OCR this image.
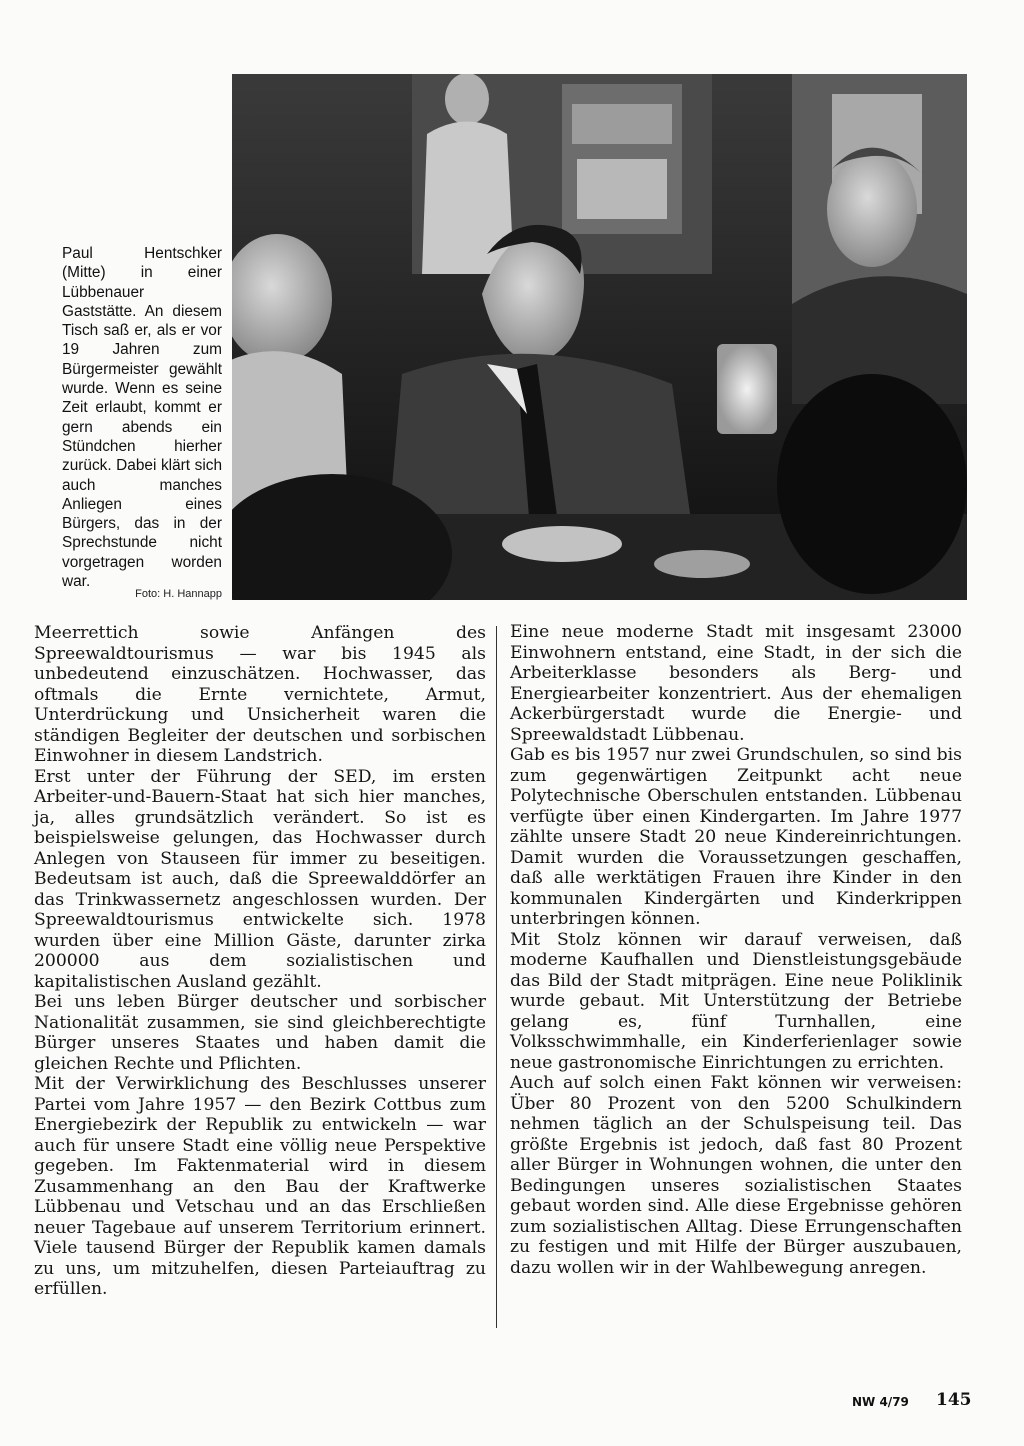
Paul Hentschker (Mitte) in einer Lübbenauer Gaststätte. An diesem Tisch saß er, als er vor 19 Jahren zum Bürgermeister gewählt wurde. Wenn es seine Zeit erlaubt, kommt er gern abends ein Stündchen hierher zurück. Dabei klärt sich auch manches Anliegen eines Bürgers, das in der Sprechstunde nicht vorgetragen worden war.

Foto: H. Hannapp

Meerrettich sowie Anfängen des Spreewaldtourismus — war bis 1945 als unbedeutend einzuschätzen. Hochwasser, das oftmals die Ernte vernichtete, Armut, Unterdrückung und Unsicherheit waren die ständigen Begleiter der deutschen und sorbischen Einwohner in diesem Landstrich.

Erst unter der Führung der SED, im ersten Arbeiter-und-Bauern-Staat hat sich hier manches, ja, alles grundsätzlich verändert. So ist es beispielsweise gelungen, das Hochwasser durch Anlegen von Stauseen für immer zu beseitigen. Bedeutsam ist auch, daß die Spreewalddörfer an das Trinkwassernetz angeschlossen wurden. Der Spreewaldtourismus entwickelte sich. 1978 wurden über eine Million Gäste, darunter zirka 200000 aus dem sozialistischen und kapitalistischen Ausland gezählt.

Bei uns leben Bürger deutscher und sorbischer Nationalität zusammen, sie sind gleichberechtigte Bürger unseres Staates und haben damit die gleichen Rechte und Pflichten.

Mit der Verwirklichung des Beschlusses unserer Partei vom Jahre 1957 — den Bezirk Cottbus zum Energiebezirk der Republik zu entwickeln — war auch für unsere Stadt eine völlig neue Perspektive gegeben. Im Faktenmaterial wird in diesem Zusammenhang an den Bau der Kraftwerke Lübbenau und Vetschau und an das Erschließen neuer Tagebaue auf unserem Territorium erinnert. Viele tausend Bürger der Republik kamen damals zu uns, um mitzuhelfen, diesen Parteiauftrag zu erfüllen.

Eine neue moderne Stadt mit insgesamt 23000 Einwohnern entstand, eine Stadt, in der sich die Arbeiterklasse besonders als Berg- und Energiearbeiter konzentriert. Aus der ehemaligen Ackerbürgerstadt wurde die Energie- und Spreewaldstadt Lübbenau.

Gab es bis 1957 nur zwei Grundschulen, so sind bis zum gegenwärtigen Zeitpunkt acht neue Polytechnische Oberschulen entstanden. Lübbenau verfügte über einen Kindergarten. Im Jahre 1977 zählte unsere Stadt 20 neue Kindereinrichtungen. Damit wurden die Voraussetzungen geschaffen, daß alle werktätigen Frauen ihre Kinder in den kommunalen Kindergärten und Kinderkrippen unterbringen können.

Mit Stolz können wir darauf verweisen, daß moderne Kaufhallen und Dienstleistungsgebäude das Bild der Stadt mitprägen. Eine neue Poliklinik wurde gebaut. Mit Unterstützung der Betriebe gelang es, fünf Turnhallen, eine Volksschwimmhalle, ein Kinderferienlager sowie neue gastronomische Einrichtungen zu errichten.

Auch auf solch einen Fakt können wir verweisen: Über 80 Prozent von den 5200 Schulkindern nehmen täglich an der Schulspeisung teil. Das größte Ergebnis ist jedoch, daß fast 80 Prozent aller Bürger in Wohnungen wohnen, die unter den Bedingungen unseres sozialistischen Staates gebaut worden sind. Alle diese Ergebnisse gehören zum sozialistischen Alltag. Diese Errungenschaften zu festigen und mit Hilfe der Bürger auszubauen, dazu wollen wir in der Wahlbewegung anregen.

NW 4/79 145
